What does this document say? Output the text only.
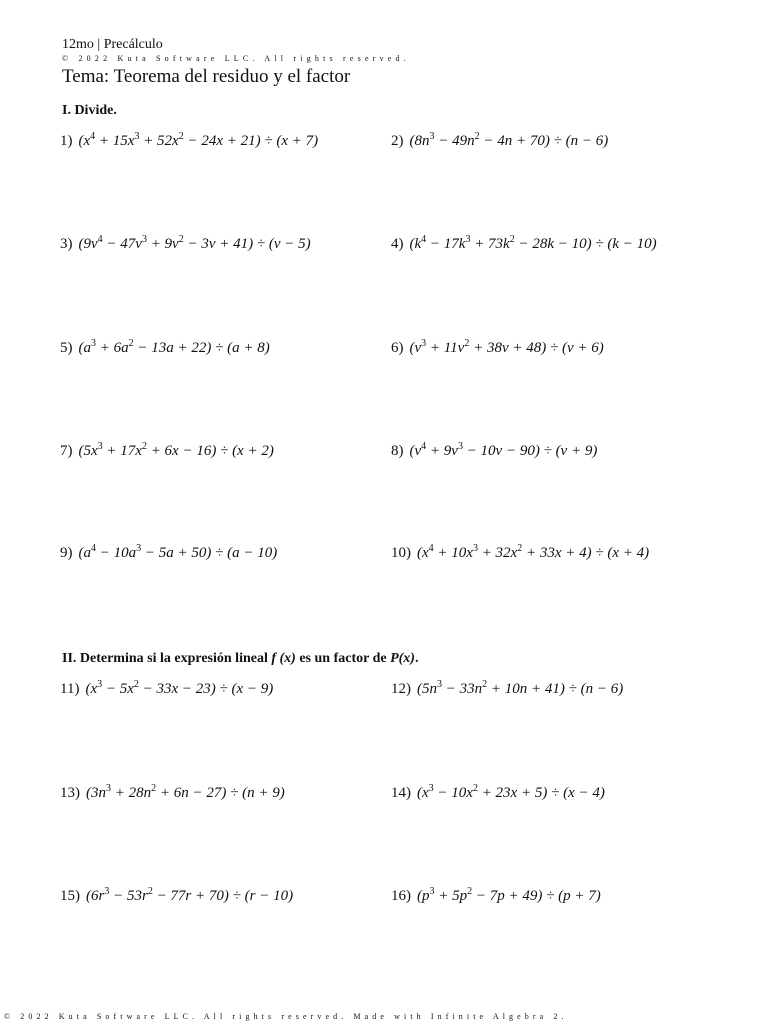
12mo | Precálculo
© 2022 Kuta Software LLC. All rights reserved.
Tema: Teorema del residuo y el factor
I. Divide.
II. Determina si la expresión lineal f (x) es un factor de P(x).
1) $(x^4 + 15x^3 + 52x^2 - 24x + 21) \div (x + 7)$	2) $(8n^3 - 49n^2 - 4n + 70) \div (n - 6)$
3) $(9v^4 - 47v^3 + 9v^2 - 3v + 41) \div (v - 5)$	4) $(k^4 - 17k^3 + 73k^2 - 28k - 10) \div (k - 10)$
5) $(a^3 + 6a^2 - 13a + 22) \div (a + 8)$	6) $(v^3 + 11v^2 + 38v + 48) \div (v + 6)$
7) $(5x^3 + 17x^2 + 6x - 16) \div (x + 2)$	8) $(v^4 + 9v^3 - 10v - 90) \div (v + 9)$
9) $(a^4 - 10a^3 - 5a + 50) \div (a - 10)$	10) $(x^4 + 10x^3 + 32x^2 + 33x + 4) \div (x + 4)$
11) $(x^3 - 5x^2 - 33x - 23) \div (x - 9)$	12) $(5n^3 - 33n^2 + 10n + 41) \div (n - 6)$
13) $(3n^3 + 28n^2 + 6n - 27) \div (n + 9)$	14) $(x^3 - 10x^2 + 23x + 5) \div (x - 4)$
15) $(6r^3 - 53r^2 - 77r + 70) \div (r - 10)$	16) $(p^3 + 5p^2 - 7p + 49) \div (p + 7)$
© 2022 Kuta Software LLC. All rights reserved. Made with Infinite Algebra 2.
